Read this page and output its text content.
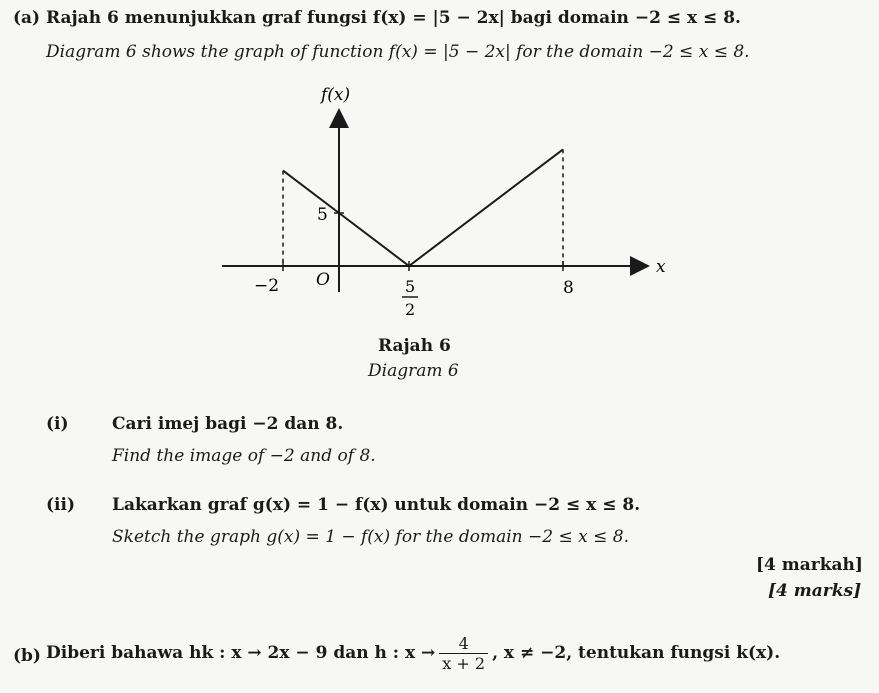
(a) Rajah 6 menunjukkan graf fungsi f(x) = |5 − 2x| bagi domain −2 ≤ x ≤ 8.
Diagram 6 shows the graph of function f(x) = |5 − 2x| for the domain −2 ≤ x ≤ 8.
f(x)
x
O
−2
5
8
5
2
Rajah 6
Diagram 6
(i)	Cari imej bagi −2 dan 8.
Find the image of −2 and of 8.
(ii) Lakarkan graf g(x) = 1 − f(x) untuk domain −2 ≤ x ≤ 8.
Sketch the graph g(x) = 1 − f(x) for the domain −2 ≤ x ≤ 8.
[4 markah]
[4 marks]
(b) Diberi bahawa hk : x → 2x − 9 dan h : $x \to \frac{4}{x + 2}$ , x ≠ −2, tentukan fungsi k(x).
